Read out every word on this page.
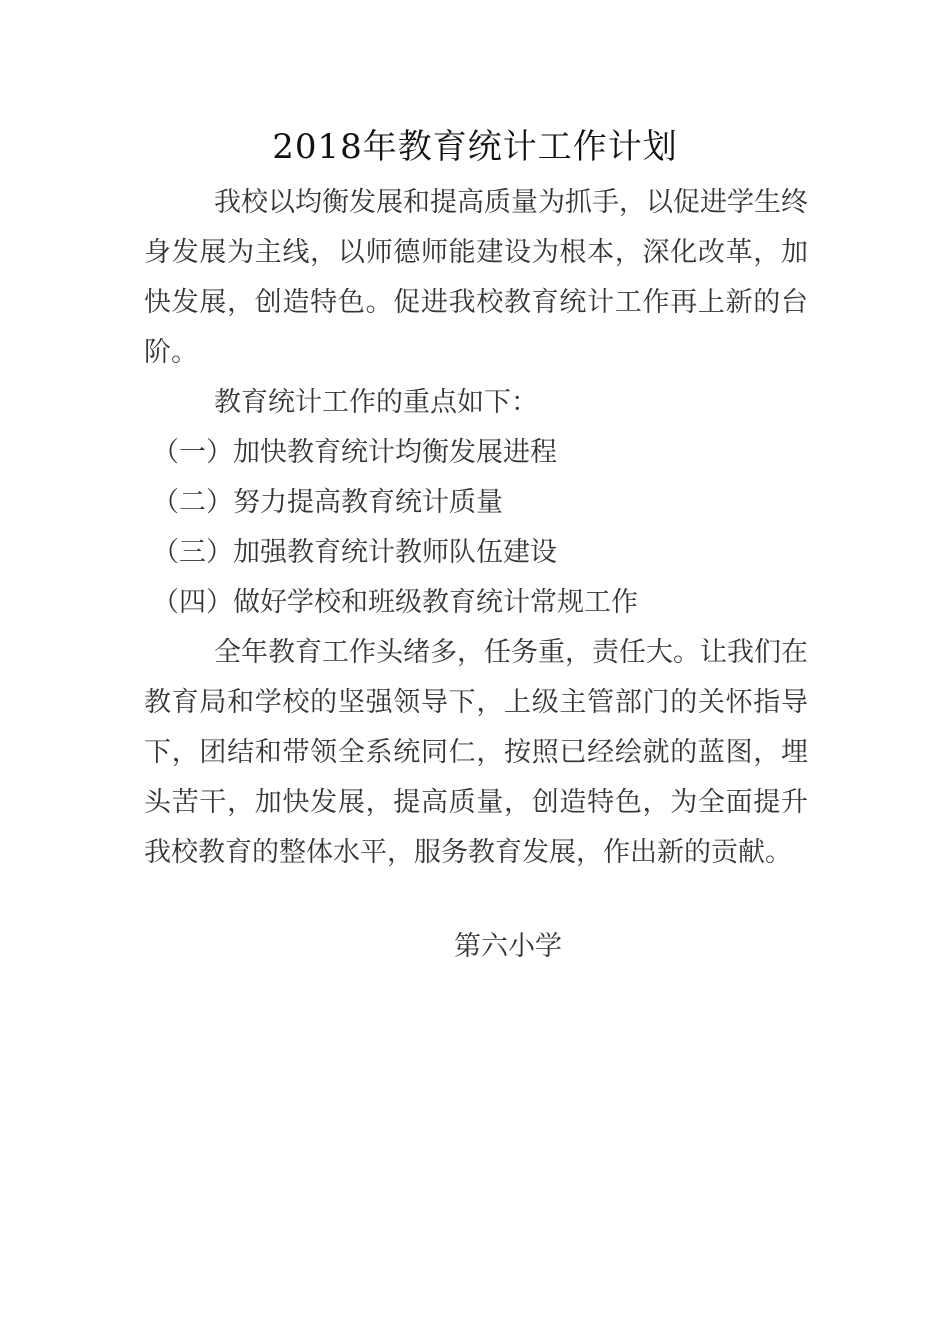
2018年教育统计工作计划

我校以均衡发展和提高质量为抓手，以促进学生终身发展为主线，以师德师能建设为根本，深化改革，加快发展，创造特色。促进我校教育统计工作再上新的台阶。

教育统计工作的重点如下：

（一）加快教育统计均衡发展进程
（二）努力提高教育统计质量
（三）加强教育统计教师队伍建设
（四）做好学校和班级教育统计常规工作

全年教育工作头绪多，任务重，责任大。让我们在教育局和学校的坚强领导下，上级主管部门的关怀指导下，团结和带领全系统同仁，按照已经绘就的蓝图，埋头苦干，加快发展，提高质量，创造特色，为全面提升我校教育的整体水平，服务教育发展，作出新的贡献。

第六小学
